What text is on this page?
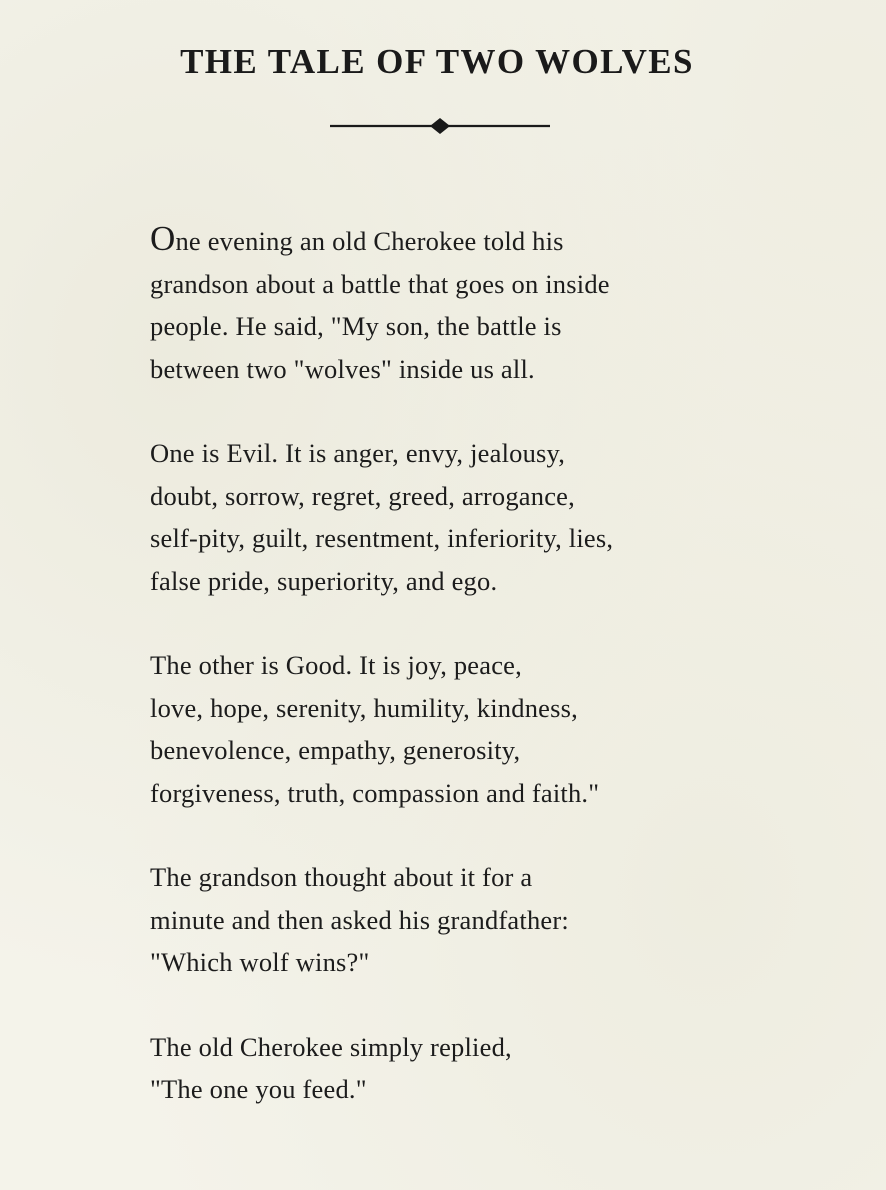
THE TALE OF TWO WOLVES

One evening an old Cherokee told his
grandson about a battle that goes on inside
people. He said, "My son, the battle is
between two "wolves" inside us all.

One is Evil. It is anger, envy, jealousy,
doubt, sorrow, regret, greed, arrogance,
self-pity, guilt, resentment, inferiority, lies,
false pride, superiority, and ego.

The other is Good. It is joy, peace,
love, hope, serenity, humility, kindness,
benevolence, empathy, generosity,
forgiveness, truth, compassion and faith."

The grandson thought about it for a
minute and then asked his grandfather:
"Which wolf wins?"

The old Cherokee simply replied,
"The one you feed."
